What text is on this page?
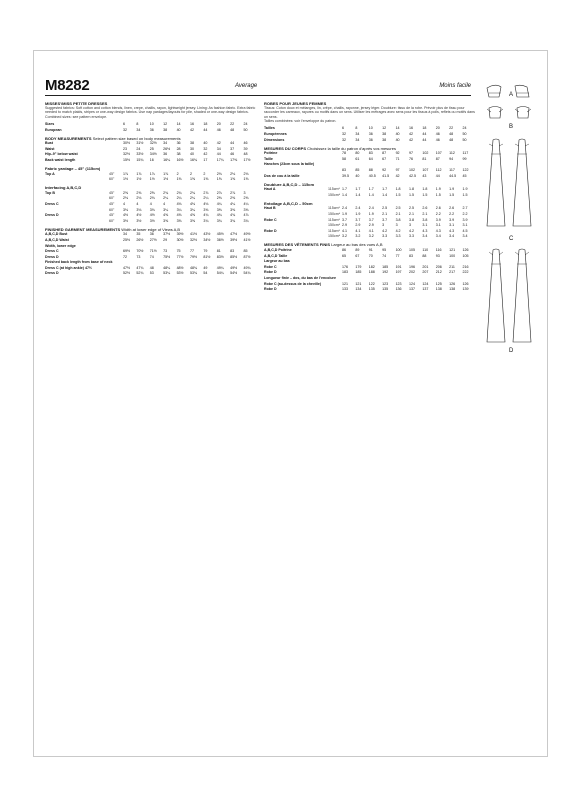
M8282	Average	Moins facile
MISSES'/MISS PETITE DRESSES
Suggested fabrics: Soft cotton and cotton blends, linen, crepe, challis, rayon, lightweight jersey. Lining: As fashion fabric. Extra fabric needed to match plaids, stripes or one-way design fabrics. Use nap yardages/layouts for pile, shaded or one-way design fabrics.
Combined sizes: see pattern envelope.
Sizes		6	8	10	12	14	16	18	20	22	24
European		32	34	36	38	40	42	44	46	48	50
BODY MEASUREMENTS Select pattern size based on body measurements
Bust		30½	31½	32½	34	36	38	40	42	44	46
Waist		23	24	25	26½	28	30	32	34	37	39
Hip–9" below waist		32½	33½	34½	36	38	40	42	44	46	48
Back waist length		15½	15¾	16	16¼	16½	16¾	17	17¼	17⅜	17½
Fabric yardage – 45" (115cm)
Top A	45"	1⅞	1⅞	1⅞	1⅞	2	2	2	2⅛	2⅛	2⅛
	60"	1½	1½	1½	1½	1⅝	1⅝	1⅝	1⅝	1⅝	1⅝
Interfacing A,B,C,D
Top B	45"	2⅝	2⅝	2⅝	2¾	2¾	2¾	2⅞	2⅞	2⅞	3
	60"	2⅛	2⅛	2⅛	2¼	2¼	2¼	2¼	2⅜	2⅜	2⅜
Dress C	45"	4	4	4	4	4⅛	4⅛	4⅛	4¼	4¼	4¼
	60"	3⅛	3⅛	3⅛	3¼	3¼	3¼	3⅜	3⅜	3⅜	3⅜
Dress D	45"	4½	4½	4½	4⅝	4⅝	4⅝	4¾	4¾	4¾	4⅞
	60"	3½	3½	3½	3⅝	3⅝	3⅝	3¾	3¾	3¾	3¾
FINISHED GARMENT MEASUREMENTS Width at lower edge of Views A,B
A,B,C,D Bust		34	35	36	37½	39½	41½	43½	45½	47½	49½
A,B,C,D Waist		25½	26½	27½	29	30½	32½	34½	36½	39½	41½
Width, lower edge											
Dress C		69½	70½	71½	73	75	77	79	81	83	85
Dress D		72	73	74	75½	77½	79½	81½	83½	85½	87½
Finished back length from base of neck											
Dress C (at high ankle) 47½		47½	47¾	48	48¼	48½	48¾	49	49¼	49½	49¾
Dress D		52½	52¾	53	53¼	53½	53¾	54	54¼	54½	54¾
ROBES POUR JEUNES FEMMES
Tissus: Coton doux et mélanges, lin, crêpe, challis, rayonne, jersey léger. Doublure: tissu de la robe. Prévoir plus de tissu pour raccorder les carreaux, rayures ou motifs dans un sens. Utiliser les métrages avec sens pour les tissus à poils, reflets ou motifs dans un sens.
Tailles combinées: voir l'enveloppe du patron.
Tailles		6	8	10	12	14	16	18	20	22	24
Européennes		32	34	36	38	40	42	44	46	48	50
Dimensions		32	34	36	38	40	42	44	46	48	50
MESURES DU CORPS Choisissez la taille du patron d'après vos mesures
Poitrine		78	80	83	87	92	97	102	107	112	117
Taille		58	61	64	67	71	76	81	87	94	99
Hanches (23cm sous la taille)											
		83	85	88	92	97	102	107	112	117	122
Dos de cou à la taille		39.5	40	40.5	41.5	42	42.5	43	44	44.5	45
Doublure A,B,C,D – 115cm
Haut A	115cm*	1.7	1.7	1.7	1.7	1.8	1.8	1.8	1.9	1.9	1.9
	150cm*	1.4	1.4	1.4	1.4	1.5	1.5	1.5	1.5	1.5	1.5
Entoilage A,B,C,D – 50cm
Haut B	115cm*	2.4	2.4	2.4	2.5	2.5	2.5	2.6	2.6	2.6	2.7
	150cm*	1.9	1.9	1.9	2.1	2.1	2.1	2.1	2.2	2.2	2.2
Robe C	115cm*	3.7	3.7	3.7	3.7	3.8	3.8	3.8	3.9	3.9	3.9
	150cm*	2.9	2.9	2.9	3	3	3	3.1	3.1	3.1	3.1
Robe D	115cm*	4.1	4.1	4.1	4.2	4.2	4.2	4.3	4.3	4.3	4.5
	150cm*	3.2	3.2	3.2	3.3	3.3	3.3	3.4	3.4	3.4	3.4
MESURES DES VÊTEMENTS FINIS Largeur au bas des vues A,B
A,B,C,D Poitrine		86	89	91	95	100	105	110	116	121	126
A,B,C,D Taille		65	67	70	74	77	83	88	93	100	105
Largeur au bas											
Robe C		176	179	182	185	191	196	201	206	211	216
Robe D		183	185	188	192	197	202	207	212	217	222
Longueur finie – dos, du bas de l'encolure											
Robe C (au-dessus de la cheville)		121	121	122	123	123	124	124	125	126	126
Robe D		133	134	135	135	136	137	137	138	138	139
A
B
C
D
